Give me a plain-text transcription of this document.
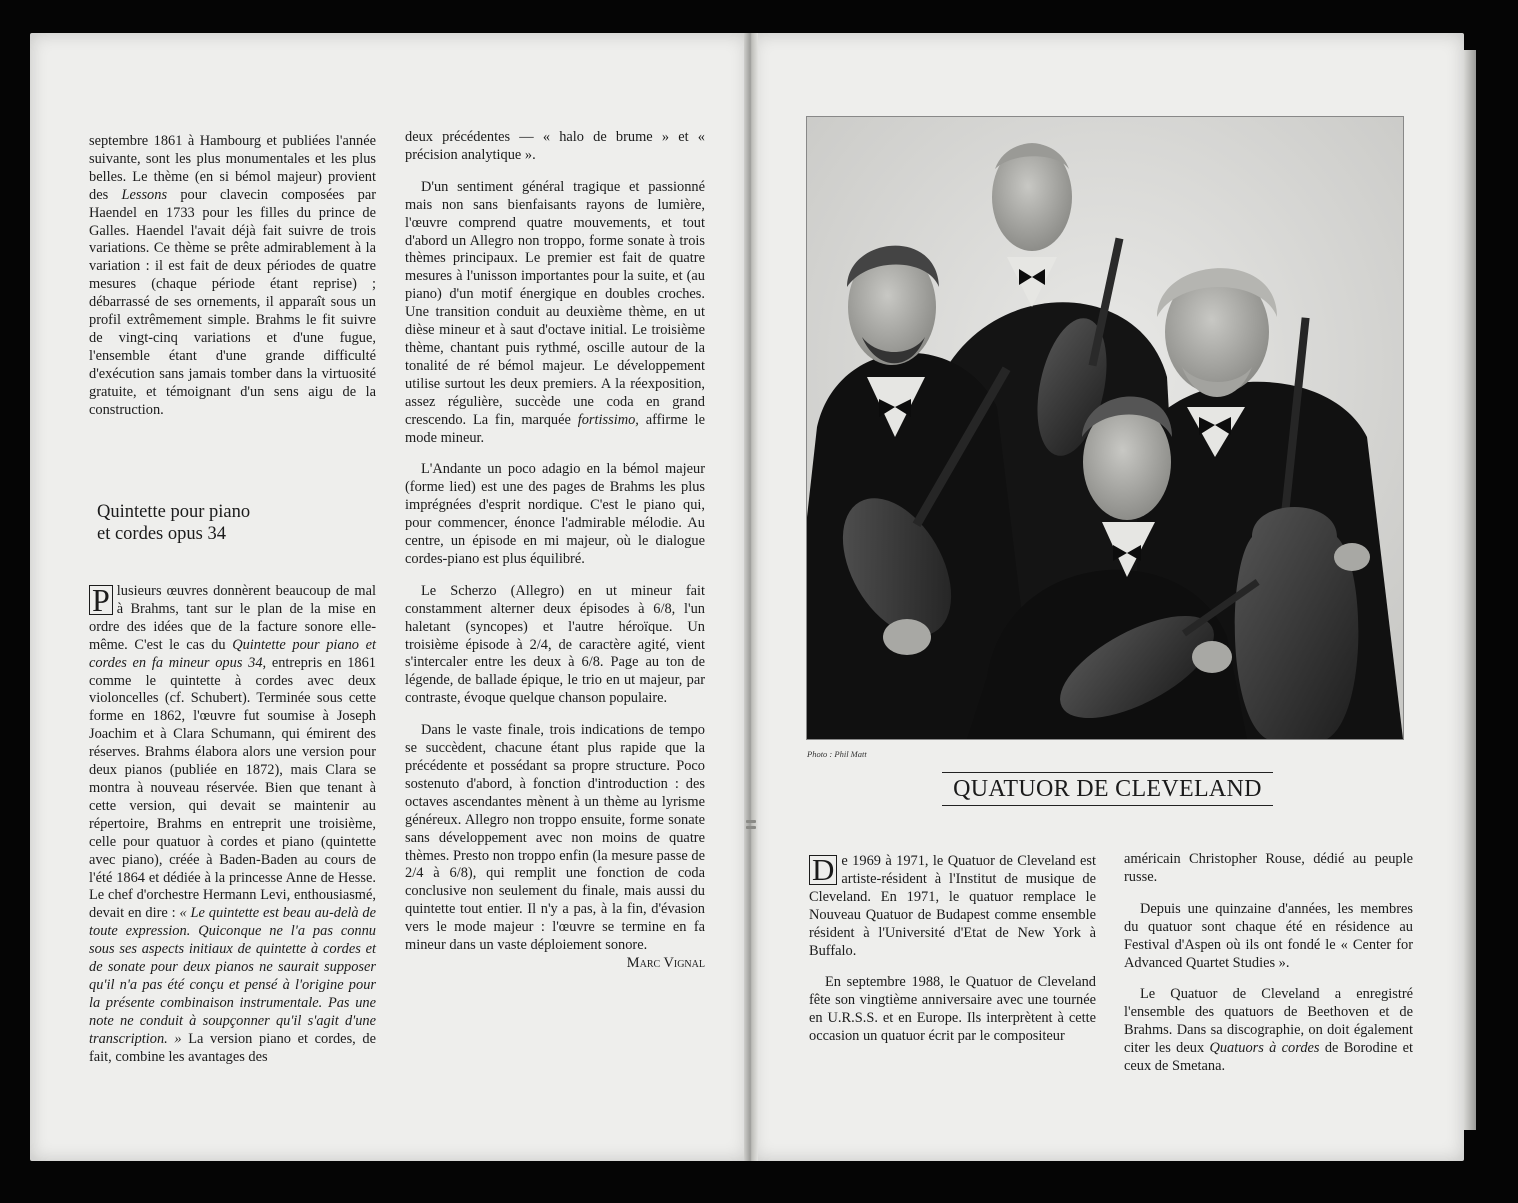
septembre 1861 à Hambourg et publiées l'année suivante, sont les plus monumentales et les plus belles. Le thème (en si bémol majeur) provient des Lessons pour clavecin composées par Haendel en 1733 pour les filles du prince de Galles. Haendel l'avait déjà fait suivre de trois variations. Ce thème se prête admirablement à la variation : il est fait de deux périodes de quatre mesures (chaque période étant reprise) ; débarrassé de ses ornements, il apparaît sous un profil extrêmement simple. Brahms le fit suivre de vingt-cinq variations et d'une fugue, l'ensemble étant d'une grande difficulté d'exécution sans jamais tomber dans la virtuosité gratuite, et témoignant d'un sens aigu de la construction.

Quintette pour piano
et cordes opus 34

P lusieurs œuvres donnèrent beaucoup de mal à Brahms, tant sur le plan de la mise en ordre des idées que de la facture sonore elle-même. C'est le cas du Quintette pour piano et cordes en fa mineur opus 34, entrepris en 1861 comme le quintette à cordes avec deux violoncelles (cf. Schubert). Terminée sous cette forme en 1862, l'œuvre fut soumise à Joseph Joachim et à Clara Schumann, qui émirent des réserves. Brahms élabora alors une version pour deux pianos (publiée en 1872), mais Clara se montra à nouveau réservée. Bien que tenant à cette version, qui devait se maintenir au répertoire, Brahms en entreprit une troisième, celle pour quatuor à cordes et piano (quintette avec piano), créée à Baden-Baden au cours de l'été 1864 et dédiée à la princesse Anne de Hesse. Le chef d'orchestre Hermann Levi, enthousiasmé, devait en dire : « Le quintette est beau au-delà de toute expression. Quiconque ne l'a pas connu sous ses aspects initiaux de quintette à cordes et de sonate pour deux pianos ne saurait supposer qu'il n'a pas été conçu et pensé à l'origine pour la présente combinaison instrumentale. Pas une note ne conduit à soupçonner qu'il s'agit d'une transcription. » La version piano et cordes, de fait, combine les avantages des

deux précédentes — « halo de brume » et « précision analytique ».

D'un sentiment général tragique et passionné mais non sans bienfaisants rayons de lumière, l'œuvre comprend quatre mouvements, et tout d'abord un Allegro non troppo, forme sonate à trois thèmes principaux. Le premier est fait de quatre mesures à l'unisson importantes pour la suite, et (au piano) d'un motif énergique en doubles croches. Une transition conduit au deuxième thème, en ut dièse mineur et à saut d'octave initial. Le troisième thème, chantant puis rythmé, oscille autour de la tonalité de ré bémol majeur. Le développement utilise surtout les deux premiers. A la réexposition, assez régulière, succède une coda en grand crescendo. La fin, marquée fortissimo, affirme le mode mineur.

L'Andante un poco adagio en la bémol majeur (forme lied) est une des pages de Brahms les plus imprégnées d'esprit nordique. C'est le piano qui, pour commencer, énonce l'admirable mélodie. Au centre, un épisode en mi majeur, où le dialogue cordes-piano est plus équilibré.

Le Scherzo (Allegro) en ut mineur fait constamment alterner deux épisodes à 6/8, l'un haletant (syncopes) et l'autre héroïque. Un troisième épisode à 2/4, de caractère agité, vient s'intercaler entre les deux à 6/8. Page au ton de légende, de ballade épique, le trio en ut majeur, par contraste, évoque quelque chanson populaire.

Dans le vaste finale, trois indications de tempo se succèdent, chacune étant plus rapide que la précédente et possédant sa propre structure. Poco sostenuto d'abord, à fonction d'introduction : des octaves ascendantes mènent à un thème au lyrisme généreux. Allegro non troppo ensuite, forme sonate sans développement avec non moins de quatre thèmes. Presto non troppo enfin (la mesure passe de 2/4 à 6/8), qui remplit une fonction de coda conclusive non seulement du finale, mais aussi du quintette tout entier. Il n'y a pas, à la fin, d'évasion vers le mode majeur : l'œuvre se termine en fa mineur dans un vaste déploiement sonore.
Marc Vignal

Photo : Phil Matt
QUATUOR DE CLEVELAND

D e 1969 à 1971, le Quatuor de Cleveland est artiste-résident à l'Institut de musique de Cleveland. En 1971, le quatuor remplace le Nouveau Quatuor de Budapest comme ensemble résident à l'Université d'Etat de New York à Buffalo.

En septembre 1988, le Quatuor de Cleveland fête son vingtième anniversaire avec une tournée en U.R.S.S. et en Europe. Ils interprètent à cette occasion un quatuor écrit par le compositeur

américain Christopher Rouse, dédié au peuple russe.

Depuis une quinzaine d'années, les membres du quatuor sont chaque été en résidence au Festival d'Aspen où ils ont fondé le « Center for Advanced Quartet Studies ».

Le Quatuor de Cleveland a enregistré l'ensemble des quatuors de Beethoven et de Brahms. Dans sa discographie, on doit également citer les deux Quatuors à cordes de Borodine et ceux de Smetana.
